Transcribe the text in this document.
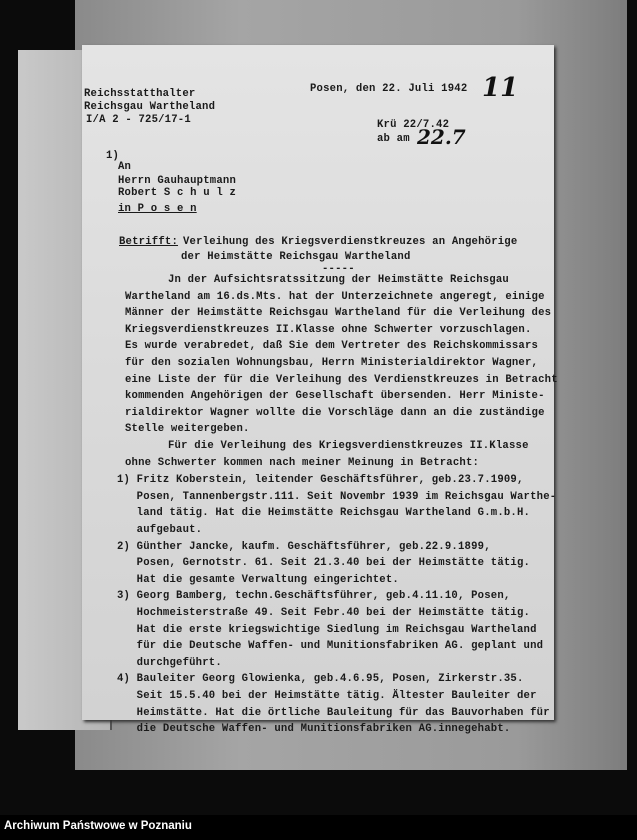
Reichsstatthalter
Reichsgau Wartheland
I/A 2 - 725/17-1
Posen, den 22. Juli 1942 11
Krü 22/7.42
ab am 22.7
1)
An
Herrn Gauhauptmann
Robert S c h u l z
in P o s e n
Betrifft: Verleihung des Kriegsverdienstkreuzes an Angehörige
der Heimstätte Reichsgau Wartheland
-----
Jn der Aufsichtsratssitzung der Heimstätte Reichsgau
Wartheland am 16.ds.Mts. hat der Unterzeichnete angeregt, einige
Männer der Heimstätte Reichsgau Wartheland für die Verleihung des
Kriegsverdienstkreuzes II.Klasse ohne Schwerter vorzuschlagen.
Es wurde verabredet, daß Sie dem Vertreter des Reichskommissars
für den sozialen Wohnungsbau, Herrn Ministerialdirektor Wagner,
eine Liste der für die Verleihung des Verdienstkreuzes in Betracht
kommenden Angehörigen der Gesellschaft übersenden. Herr Ministe-
rialdirektor Wagner wollte die Vorschläge dann an die zuständige
Stelle weitergeben.
Für die Verleihung des Kriegsverdienstkreuzes II.Klasse
ohne Schwerter kommen nach meiner Meinung in Betracht:
1) Fritz Koberstein, leitender Geschäftsführer, geb.23.7.1909,
Posen, Tannenbergstr.111. Seit Novembr 1939 im Reichsgau Warthe-
land tätig. Hat die Heimstätte Reichsgau Wartheland G.m.b.H.
aufgebaut.
2) Günther Jancke, kaufm. Geschäftsführer, geb.22.9.1899,
Posen, Gernotstr. 61. Seit 21.3.40 bei der Heimstätte tätig.
Hat die gesamte Verwaltung eingerichtet.
3) Georg Bamberg, techn.Geschäftsführer, geb.4.11.10, Posen,
Hochmeisterstraße 49. Seit Febr.40 bei der Heimstätte tätig.
Hat die erste kriegswichtige Siedlung im Reichsgau Wartheland
für die Deutsche Waffen- und Munitionsfabriken AG. geplant und
durchgeführt.
4) Bauleiter Georg Glowienka, geb.4.6.95, Posen, Zirkerstr.35.
Seit 15.5.40 bei der Heimstätte tätig. Ältester Bauleiter der
Heimstätte. Hat die örtliche Bauleitung für das Bauvorhaben für
die Deutsche Waffen- und Munitionsfabriken AG.innegehabt.
Archiwum Państwowe w Poznaniu
